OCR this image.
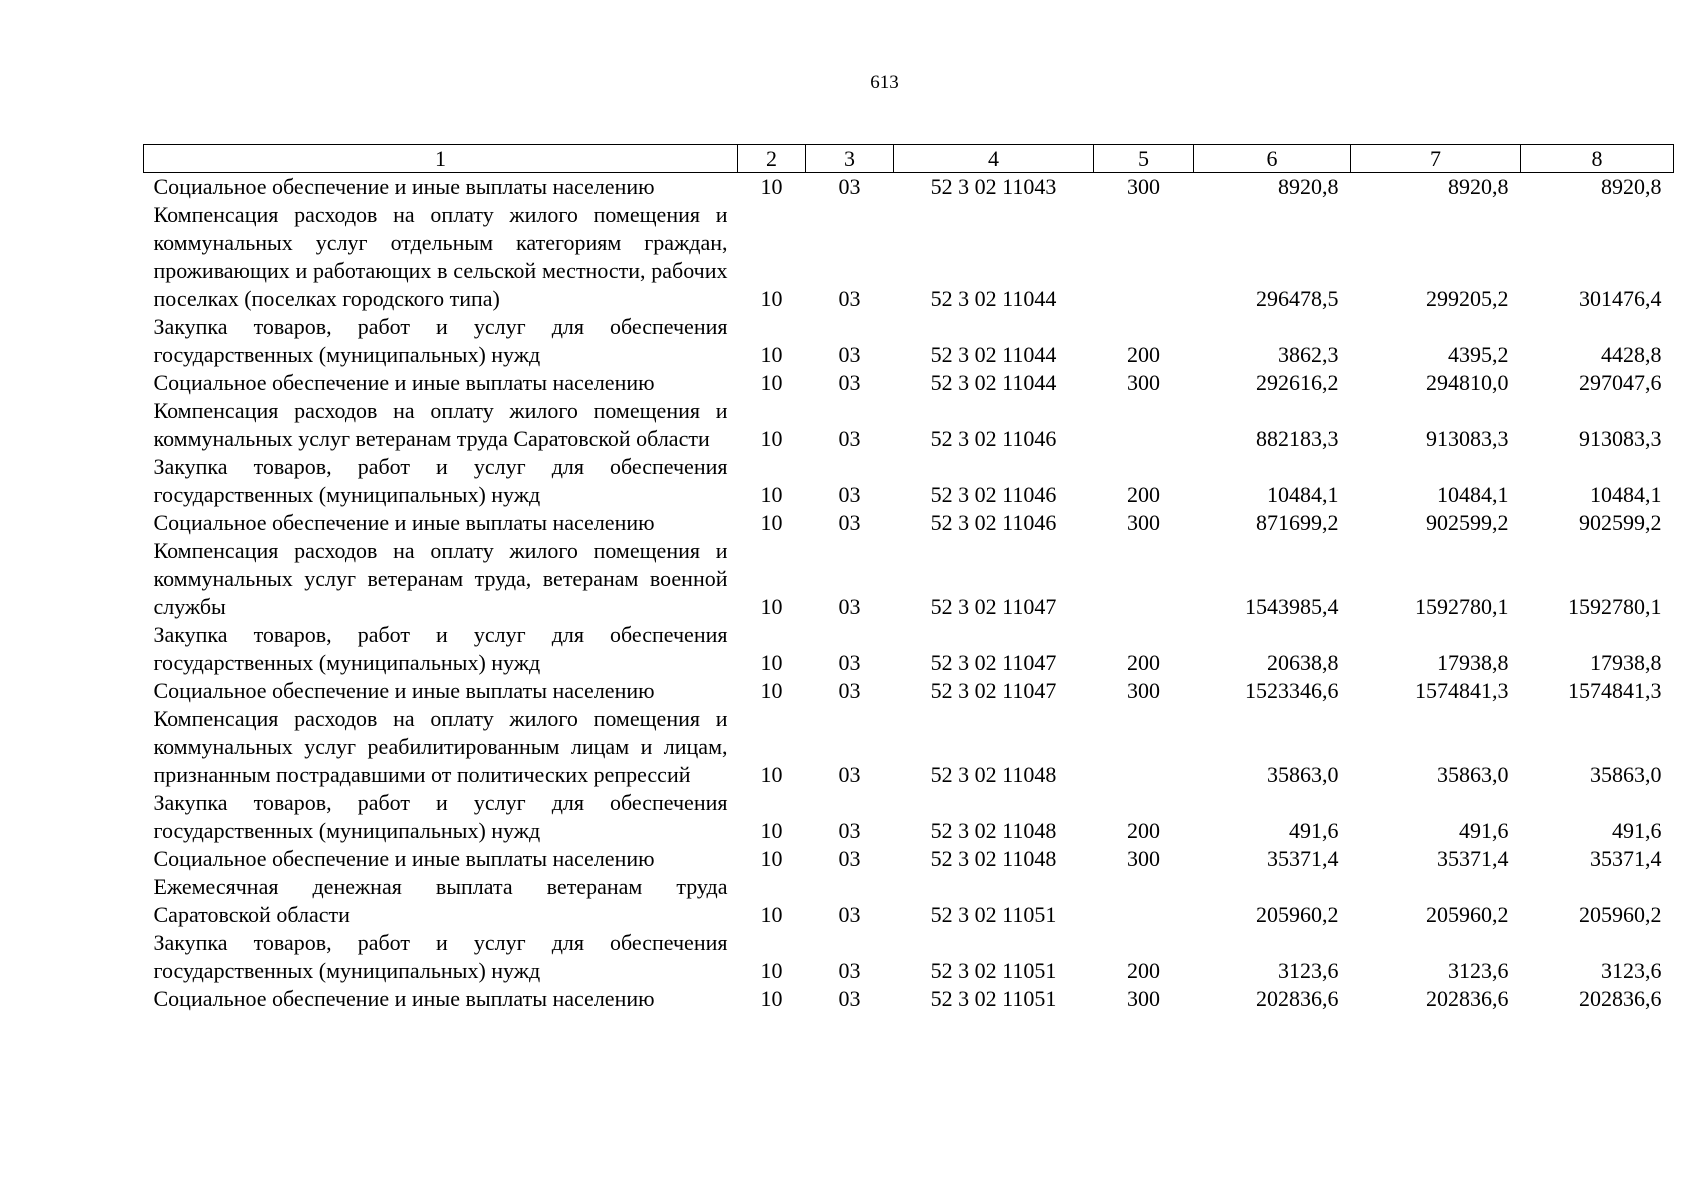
613
1	2	3	4	5	6	7	8
Социальное обеспечение и иные выплаты населению	10	03	52 3 02 11043	300	8920,8	8920,8	8920,8
Компенсация расходов на оплату жилого помещения и коммунальных услуг отдельным категориям граждан, проживающих и работающих в сельской местности, рабочих поселках (поселках городского типа)	10	03	52 3 02 11044		296478,5	299205,2	301476,4
Закупка товаров, работ и услуг для обеспечения государственных (муниципальных) нужд	10	03	52 3 02 11044	200	3862,3	4395,2	4428,8
Социальное обеспечение и иные выплаты населению	10	03	52 3 02 11044	300	292616,2	294810,0	297047,6
Компенсация расходов на оплату жилого помещения и коммунальных услуг ветеранам труда Саратовской области	10	03	52 3 02 11046		882183,3	913083,3	913083,3
Закупка товаров, работ и услуг для обеспечения государственных (муниципальных) нужд	10	03	52 3 02 11046	200	10484,1	10484,1	10484,1
Социальное обеспечение и иные выплаты населению	10	03	52 3 02 11046	300	871699,2	902599,2	902599,2
Компенсация расходов на оплату жилого помещения и коммунальных услуг ветеранам труда, ветеранам военной службы	10	03	52 3 02 11047		1543985,4	1592780,1	1592780,1
Закупка товаров, работ и услуг для обеспечения государственных (муниципальных) нужд	10	03	52 3 02 11047	200	20638,8	17938,8	17938,8
Социальное обеспечение и иные выплаты населению	10	03	52 3 02 11047	300	1523346,6	1574841,3	1574841,3
Компенсация расходов на оплату жилого помещения и коммунальных услуг реабилитированным лицам и лицам, признанным пострадавшими от политических репрессий	10	03	52 3 02 11048		35863,0	35863,0	35863,0
Закупка товаров, работ и услуг для обеспечения государственных (муниципальных) нужд	10	03	52 3 02 11048	200	491,6	491,6	491,6
Социальное обеспечение и иные выплаты населению	10	03	52 3 02 11048	300	35371,4	35371,4	35371,4
Ежемесячная денежная выплата ветеранам труда Саратовской области	10	03	52 3 02 11051		205960,2	205960,2	205960,2
Закупка товаров, работ и услуг для обеспечения государственных (муниципальных) нужд	10	03	52 3 02 11051	200	3123,6	3123,6	3123,6
Социальное обеспечение и иные выплаты населению	10	03	52 3 02 11051	300	202836,6	202836,6	202836,6
